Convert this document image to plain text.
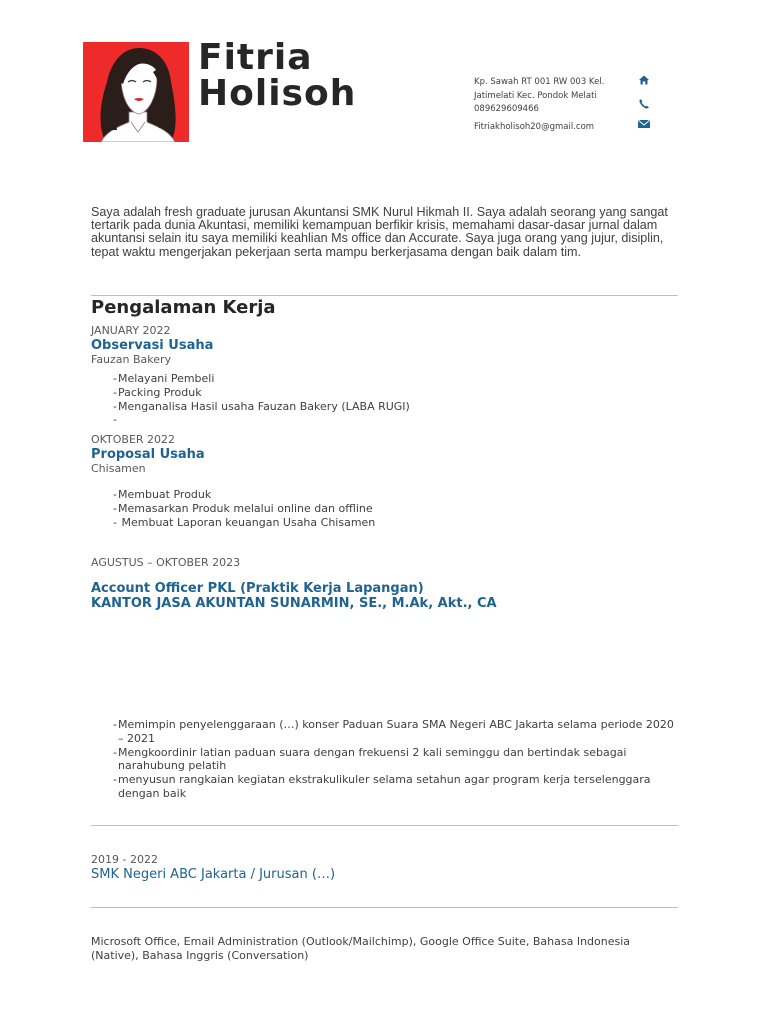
Fitria
Holisoh	Kp. Sawah RT 001 RW 003 Kel.
Jatimelati Kec. Pondok Melati
089629609466
Fitriakholisoh20@gmail.com
Saya adalah fresh graduate jurusan Akuntansi SMK Nurul Hikmah II. Saya adalah seorang yang sangat tertarik pada dunia Akuntasi, memiliki kemampuan berfikir krisis, memahami dasar-dasar jurnal dalam akuntansi selain itu saya memiliki keahlian Ms office dan Accurate. Saya juga orang yang jujur, disiplin, tepat waktu mengerjakan pekerjaan serta mampu berkerjasama dengan baik dalam tim.
Pengalaman Kerja
JANUARY 2022
Observasi Usaha
Fauzan Bakery
- Melayani Pembeli
- Packing Produk
- Menganalisa Hasil usaha Fauzan Bakery (LABA RUGI)
-
OKTOBER 2022
Proposal Usaha
Chisamen
- Membuat Produk
- Memasarkan Produk melalui online dan offline
-  Membuat Laporan keuangan Usaha Chisamen
AGUSTUS – OKTOBER 2023
Account Officer PKL (Praktik Kerja Lapangan)
KANTOR JASA AKUNTAN SUNARMIN, SE., M.Ak, Akt., CA
- Memimpin penyelenggaraan (…) konser Paduan Suara SMA Negeri ABC Jakarta selama periode 2020 – 2021
- Mengkoordinir latian paduan suara dengan frekuensi 2 kali seminggu dan bertindak sebagai narahubung pelatih
- menyusun rangkaian kegiatan ekstrakulikuler selama setahun agar program kerja terselenggara dengan baik
2019 - 2022
SMK Negeri ABC Jakarta / Jurusan (…)
Microsoft Office, Email Administration (Outlook/Mailchimp), Google Office Suite, Bahasa Indonesia (Native), Bahasa Inggris (Conversation)
